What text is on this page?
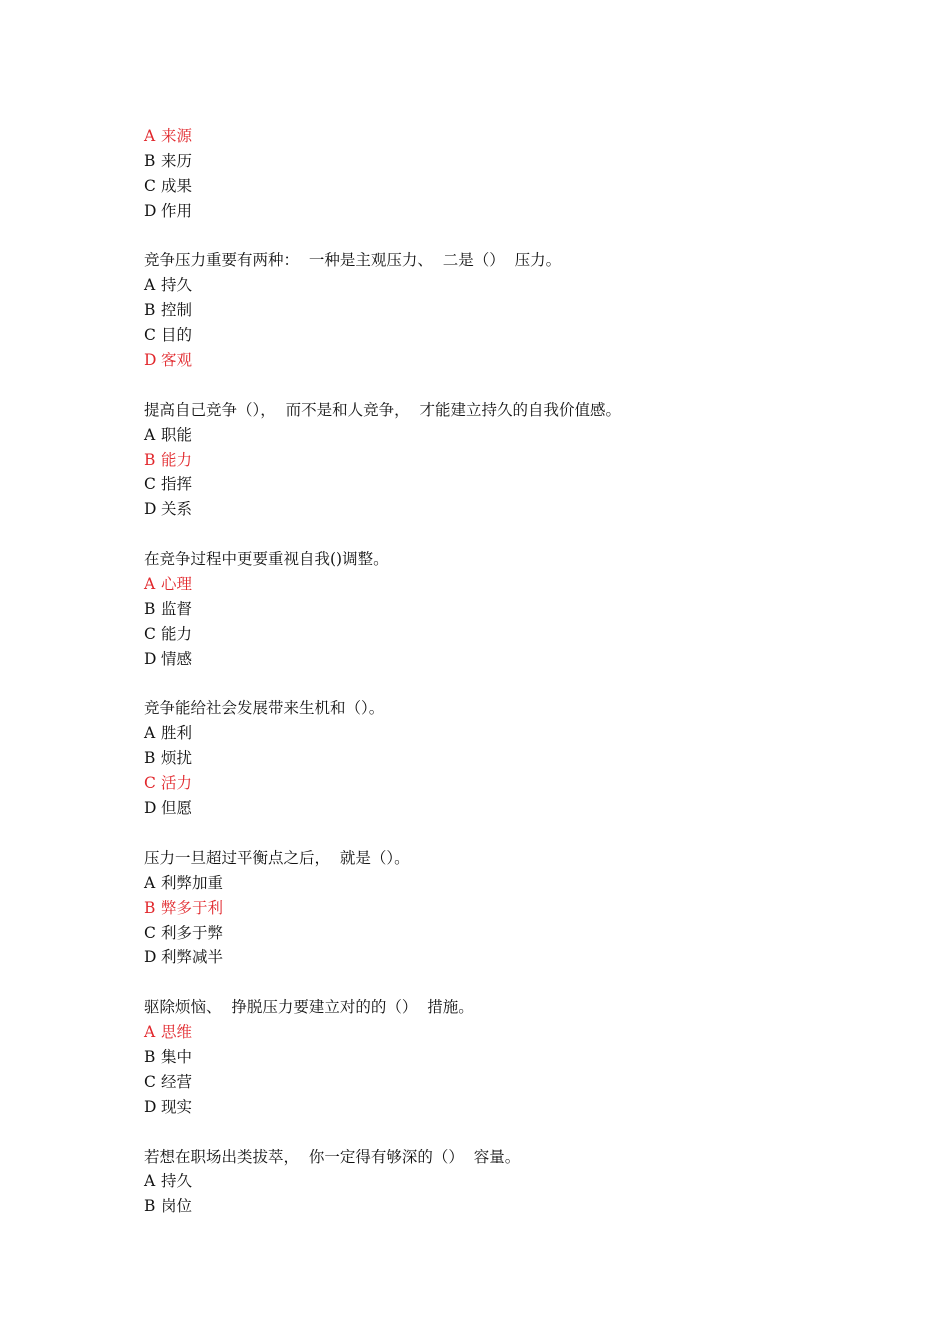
A 来源
B 来历
C 成果
D 作用
竞争压力重要有两种：  一种是主观压力、  二是（）  压力。
A 持久
B 控制
C 目的
D 客观
提高自己竞争（），  而不是和人竞争，  才能建立持久的自我价值感。
A 职能
B 能力
C 指挥
D 关系
在竞争过程中更要重视自我()调整。
A 心理
B 监督
C 能力
D 情感
竞争能给社会发展带来生机和（）。
A 胜利
B 烦扰
C 活力
D 但愿
压力一旦超过平衡点之后，  就是（）。
A 利弊加重
B 弊多于利
C 利多于弊
D 利弊减半
驱除烦恼、  挣脱压力要建立对的的（）  措施。
A 思维
B 集中
C 经营
D 现实
若想在职场出类拔萃，  你一定得有够深的（）  容量。
A 持久
B 岗位
